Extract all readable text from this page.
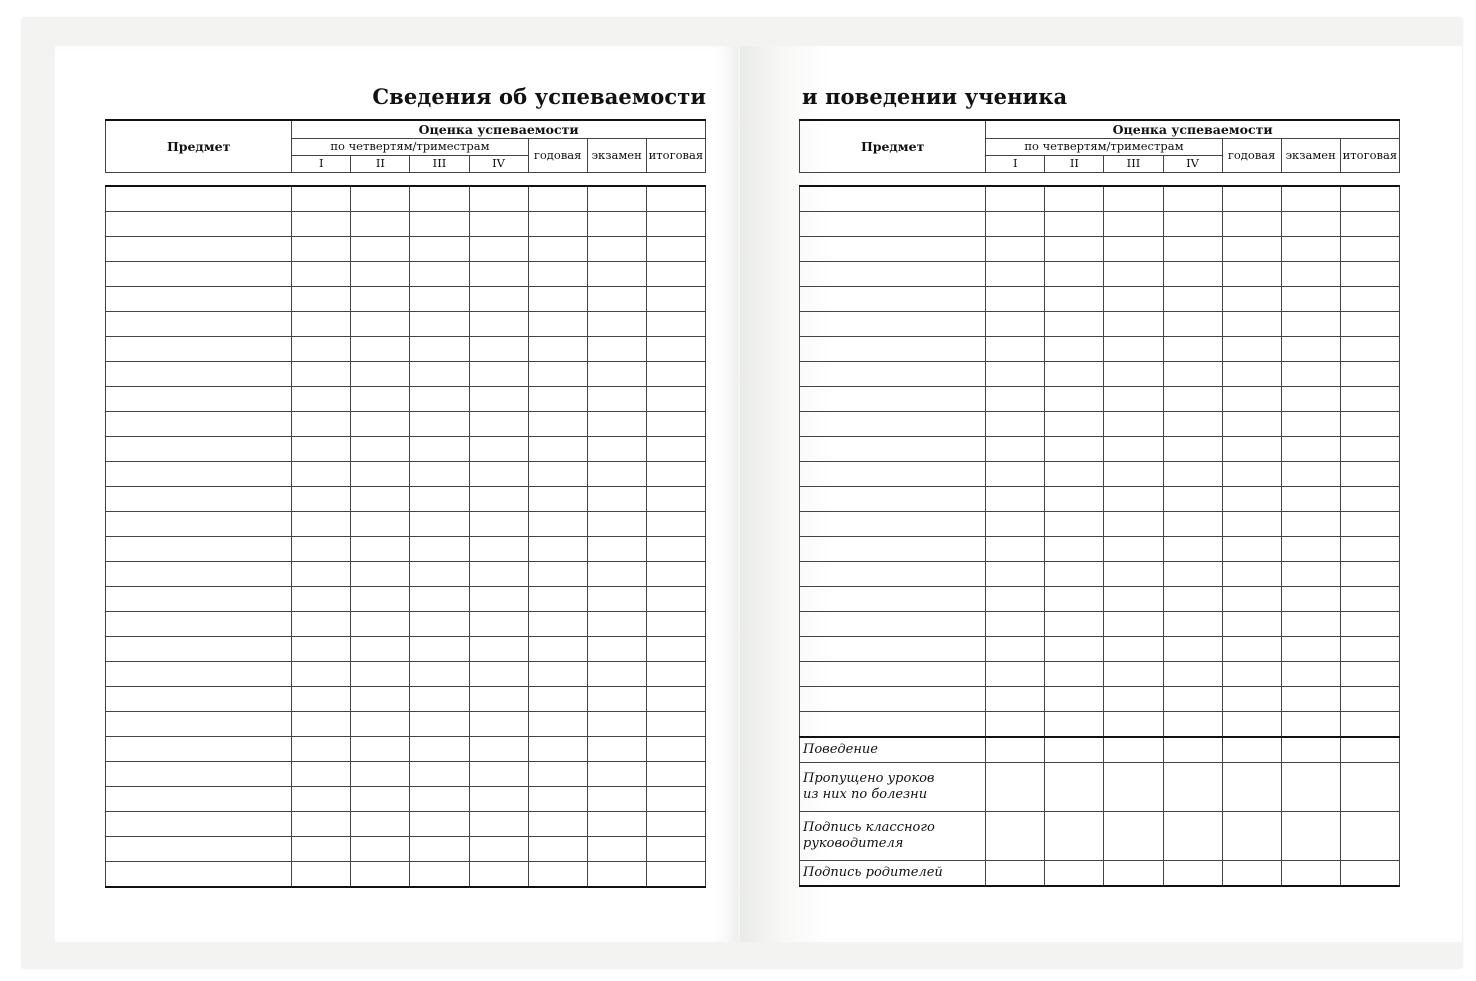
Сведения об успеваемости	и поведении ученика
Предмет	Оценка успеваемости						
	по четвертям/триместрам				годовая	экзамен	итоговая
	I	II	III	IV			

Предмет	Оценка успеваемости						
	по четвертям/триместрам				годовая	экзамен	итоговая
	I	II	III	IV			

Поведение							
Пропущено уроков
из них по болезни							
Подпись классного
руководителя							
Подпись родителей							
